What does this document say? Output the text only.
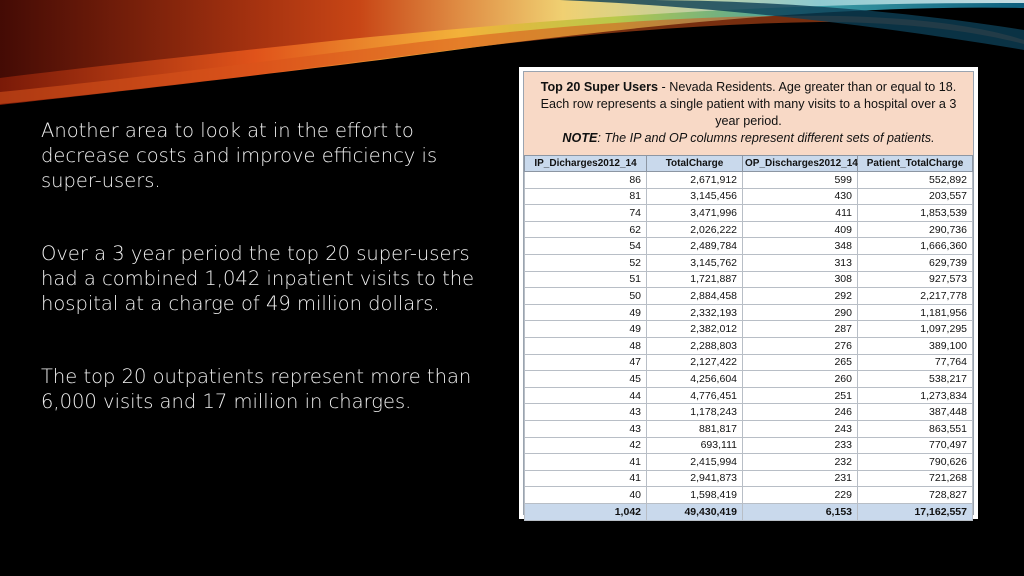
Another area to look at in the effort to decrease costs and improve efficiency is super-users.

Over a 3 year period the top 20 super-users had a combined 1,042 inpatient visits to the hospital at a charge of 49 million dollars.

The top 20 outpatients represent more than 6,000 visits and 17 million in charges.

Top 20 Super Users - Nevada Residents. Age greater than or equal to 18. Each row represents a single patient with many visits to a hospital over a 3 year period.
NOTE: The IP and OP columns represent different sets of patients.
IP_Dicharges2012_14	TotalCharge	OP_Discharges2012_14	Patient_TotalCharge
86	2,671,912	599	552,892
81	3,145,456	430	203,557
74	3,471,996	411	1,853,539
62	2,026,222	409	290,736
54	2,489,784	348	1,666,360
52	3,145,762	313	629,739
51	1,721,887	308	927,573
50	2,884,458	292	2,217,778
49	2,332,193	290	1,181,956
49	2,382,012	287	1,097,295
48	2,288,803	276	389,100
47	2,127,422	265	77,764
45	4,256,604	260	538,217
44	4,776,451	251	1,273,834
43	1,178,243	246	387,448
43	881,817	243	863,551
42	693,111	233	770,497
41	2,415,994	232	790,626
41	2,941,873	231	721,268
40	1,598,419	229	728,827
1,042	49,430,419	6,153	17,162,557
